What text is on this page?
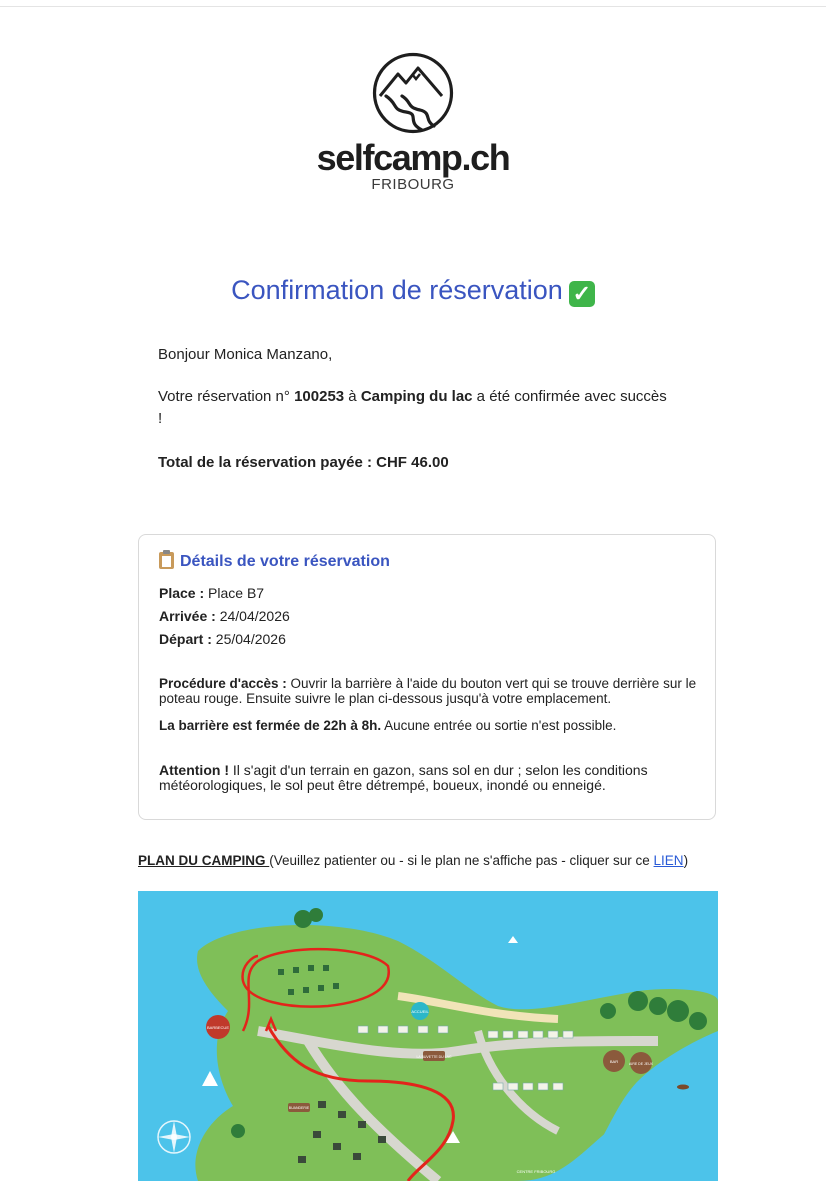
selfcamp.ch
FRIBOURG
Confirmation de réservation ✓

Bonjour Monica Manzano,

Votre réservation n° 100253 à Camping du lac a été confirmée avec succès !

Total de la réservation payée : CHF 46.00

Détails de votre réservation
Place : Place B7
Arrivée : 24/04/2026
Départ : 25/04/2026
Procédure d'accès : Ouvrir la barrière à l'aide du bouton vert qui se trouve derrière sur le poteau rouge. Ensuite suivre le plan ci-dessous jusqu'à votre emplacement.
La barrière est fermée de 22h à 8h. Aucune entrée ou sortie n'est possible.
Attention ! Il s'agit d'un terrain en gazon, sans sol en dur ; selon les conditions météorologiques, le sol peut être détrempé, boueux, inondé ou enneigé.
PLAN DU CAMPING (Veuillez patienter ou - si le plan ne s'affiche pas - cliquer sur ce LIEN)
BARBECUE
ACCUEIL
LA BUVETTE DU LAC
BUANDERIE
BAR	AIRE DE JEUX
CENTRE FRIBOURG
